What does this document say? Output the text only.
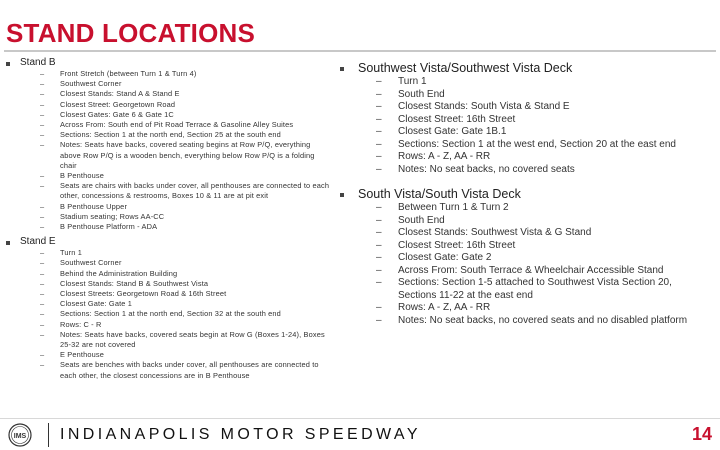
STAND LOCATIONS
Stand B
–	Front Stretch (between Turn 1 & Turn 4)
–	Southwest Corner
–	Closest Stands: Stand A & Stand E
–	Closest Street: Georgetown Road
–	Closest Gates: Gate 6 & Gate 1C
–	Across From: South end of Pit Road Terrace & Gasoline Alley Suites
–	Sections: Section 1 at the north end, Section 25 at the south end
–	Notes: Seats have backs, covered seating begins at Row P/Q, everything above Row P/Q is a wooden bench, everything below Row P/Q is a folding chair
–	B Penthouse
–	Seats are chairs with backs under cover, all penthouses are connected to each other, concessions & restrooms, Boxes 10 & 11 are at pit exit
–	B Penthouse Upper
–	Stadium seating; Rows AA-CC
–	B Penthouse Platform - ADA
Stand E
–	Turn 1
–	Southwest Corner
–	Behind the Administration Building
–	Closest Stands: Stand B & Southwest Vista
–	Closest Streets: Georgetown Road & 16th Street
–	Closest Gate: Gate 1
–	Sections: Section 1 at the north end, Section 32 at the south end
–	Rows: C - R
–	Notes: Seats have backs, covered seats begin at Row G (Boxes 1-24), Boxes 25-32 are not covered
–	E Penthouse
–	Seats are benches with backs under cover, all penthouses are connected to each other, the closest concessions are in B Penthouse
Southwest Vista/Southwest Vista Deck
–	Turn 1
–	South End
–	Closest Stands: South Vista & Stand E
–	Closest Street: 16th Street
–	Closest Gate: Gate 1B.1
–	Sections: Section 1 at the west end, Section 20 at the east end
–	Rows: A - Z, AA - RR
–	Notes: No seat backs, no covered seats
South Vista/South Vista Deck
–	Between Turn 1 & Turn 2
–	South End
–	Closest Stands: Southwest Vista & G Stand
–	Closest Street: 16th Street
–	Closest Gate: Gate 2
–	Across From: South Terrace & Wheelchair Accessible Stand
–	Sections: Section 1-5 attached to Southwest Vista Section 20, Sections 11-22 at the east end
–	Rows: A - Z, AA - RR
–	Notes: No seat backs, no covered seats and no disabled platform
IMS INDIANAPOLIS MOTOR SPEEDWAY	14
